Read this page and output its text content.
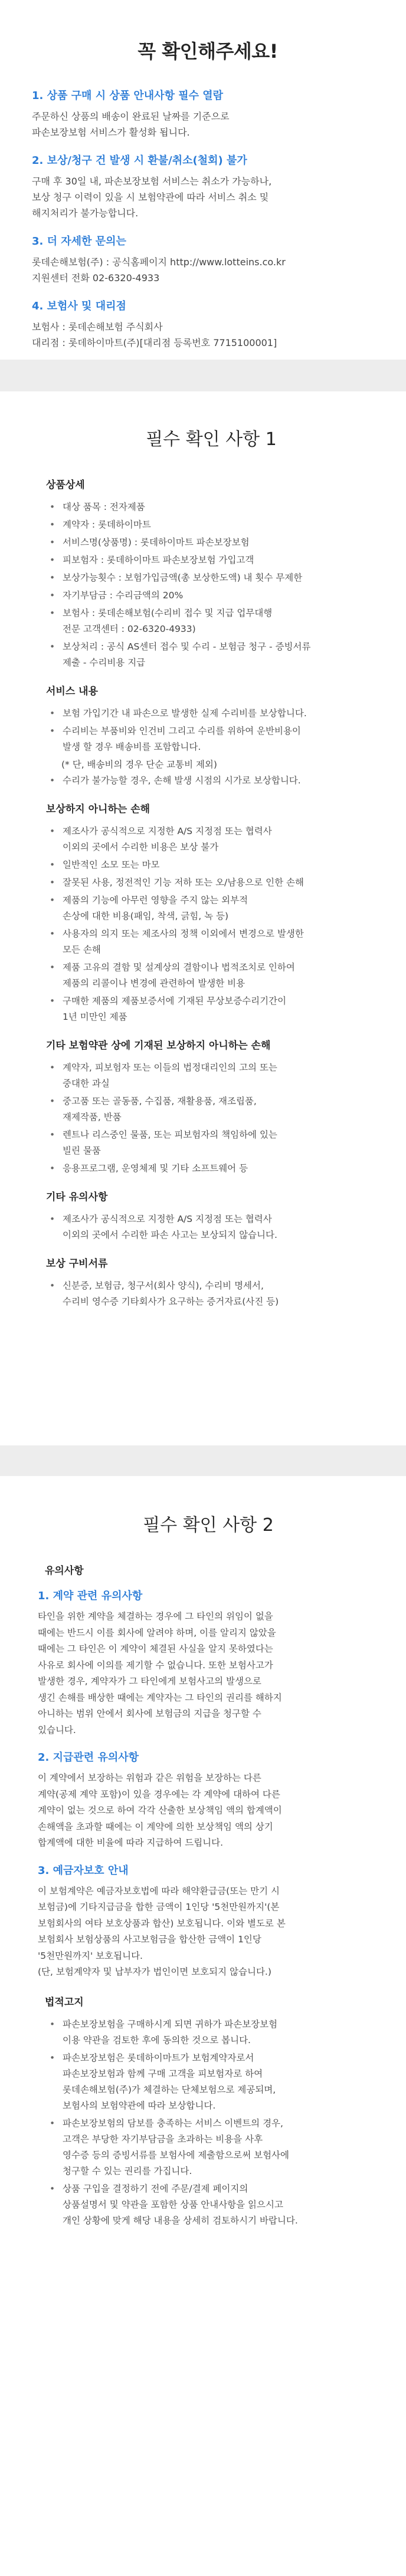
꼭 확인해주세요!
1. 상품 구매 시 상품 안내사항 필수 열람
주문하신 상품의 배송이 완료된 날짜를 기준으로
파손보장보험 서비스가 활성화 됩니다.
2. 보상/청구 건 발생 시 환불/취소(철회) 불가
구매 후 30일 내, 파손보장보험 서비스는 취소가 가능하나,
보상 청구 이력이 있을 시 보험약관에 따라 서비스 취소 및
해지처리가 불가능합니다.
3. 더 자세한 문의는
롯데손해보험(주) : 공식홈페이지 http://www.lotteins.co.kr
지원센터 전화 02-6320-4933
4. 보험사 및 대리점
보험사 : 롯데손해보험 주식회사
대리점 : 롯데하이마트(주)[대리점 등록번호 7715100001]
필수 확인 사항 1
상품상세
• 대상 품목 : 전자제품
• 계약자 : 롯데하이마트
• 서비스명(상품명) : 롯데하이마트 파손보장보험
• 피보험자 : 롯데하이마트 파손보장보험 가입고객
• 보상가능횟수 : 보험가입금액(총 보상한도액) 내 횟수 무제한
• 자기부담금 : 수리금액의 20%
• 보험사 : 롯데손해보험(수리비 접수 및 지급 업무대행
전문 고객센터 : 02-6320-4933)
• 보상처리 : 공식 AS센터 접수 및 수리 - 보험금 청구 - 증빙서류
제출 - 수리비용 지급
서비스 내용
• 보험 가입기간 내 파손으로 발생한 실제 수리비를 보상합니다.
• 수리비는 부품비와 인건비 그리고 수리를 위하여 운반비용이
발생 할 경우 배송비를 포함합니다.
(* 단, 배송비의 경우 단순 교통비 제외)
• 수리가 불가능할 경우, 손해 발생 시점의 시가로 보상합니다.
보상하지 아니하는 손해
• 제조사가 공식적으로 지정한 A/S 지정점 또는 협력사
이외의 곳에서 수리한 비용은 보상 불가
• 일반적인 소모 또는 마모
• 잘못된 사용, 정전적인 기능 저하 또는 오/남용으로 인한 손해
• 제품의 기능에 아무런 영향을 주지 않는 외부적
손상에 대한 비용(패임, 착색, 긁힘, 녹 등)
• 사용자의 의지 또는 제조사의 정책 이외에서 변경으로 발생한
모든 손해
• 제품 고유의 결함 및 설계상의 결함이나 법적조치로 인하여
제품의 리콜이나 변경에 관련하여 발생한 비용
• 구매한 제품의 제품보증서에 기재된 무상보증수리기간이
1년 미만인 제품
기타 보험약관 상에 기재된 보상하지 아니하는 손해
• 계약자, 피보험자 또는 이들의 법정대리인의 고의 또는
중대한 과실
• 중고품 또는 골동품, 수집품, 재활용품, 재조립품,
재제작품, 반품
• 렌트나 리스중인 물품, 또는 피보험자의 책임하에 있는
빌린 물품
• 응용프로그램, 운영체제 및 기타 소프트웨어 등
기타 유의사항
• 제조사가 공식적으로 지정한 A/S 지정점 또는 협력사
이외의 곳에서 수리한 파손 사고는 보상되지 않습니다.
보상 구비서류
• 신분증, 보험금, 청구서(회사 양식), 수리비 명세서,
수리비 영수증 기타회사가 요구하는 증거자료(사진 등)
필수 확인 사항 2
유의사항
1. 계약 관련 유의사항
타인을 위한 계약을 체결하는 경우에 그 타인의 위임이 없을
때에는 반드시 이를 회사에 알려야 하며, 이를 알리지 않았을
때에는 그 타인은 이 계약이 체결된 사실을 알지 못하였다는
사유로 회사에 이의를 제기할 수 없습니다. 또한 보험사고가
발생한 경우, 계약자가 그 타인에게 보험사고의 발생으로
생긴 손해를 배상한 때에는 계약자는 그 타인의 권리를 해하지
아니하는 범위 안에서 회사에 보험금의 지급을 청구할 수
있습니다.
2. 지급관련 유의사항
이 계약에서 보장하는 위험과 같은 위험을 보장하는 다른
계약(공제 계약 포함)이 있을 경우에는 각 계약에 대하여 다른
계약이 없는 것으로 하여 각각 산출한 보상책임 액의 합계액이
손해액을 초과할 때에는 이 계약에 의한 보상책임 액의 상기
합계액에 대한 비율에 따라 지급하여 드립니다.
3. 예금자보호 안내
이 보험계약은 예금자보호법에 따라 해약환급금(또는 만기 시
보험금)에 기타지급금을 합한 금액이 1인당 '5천만원까지'(본
보험회사의 여타 보호상품과 합산) 보호됩니다. 이와 별도로 본
보험회사 보험상품의 사고보험금을 합산한 금액이 1인당
'5천만원까지' 보호됩니다.
(단, 보험계약자 및 납부자가 법인이면 보호되지 않습니다.)
법적고지
• 파손보장보험을 구매하시게 되면 귀하가 파손보장보험
이용 약관을 검토한 후에 동의한 것으로 봅니다.
• 파손보장보험은 롯데하이마트가 보험계약자로서
파손보장보험과 함께 구매 고객을 피보험자로 하여
롯데손해보험(주)가 체결하는 단체보험으로 제공되며,
보험사의 보험약관에 따라 보상합니다.
• 파손보장보험의 담보를 충족하는 서비스 이벤트의 경우,
고객은 부당한 자기부담금을 초과하는 비용을 사후
영수증 등의 증빙서류를 보험사에 제출함으로써 보험사에
청구할 수 있는 권리를 가집니다.
• 상품 구입을 결정하기 전에 주문/결제 페이지의
상품설명서 및 약관을 포함한 상품 안내사항을 읽으시고
개인 상황에 맞게 해당 내용을 상세히 검토하시기 바랍니다.
